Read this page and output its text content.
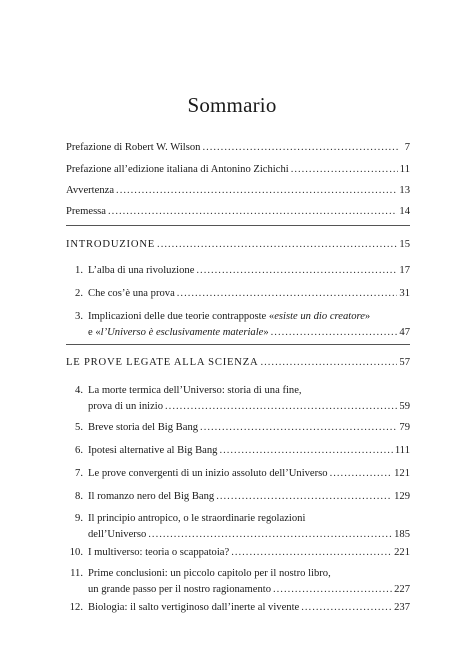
Sommario
Prefazione di Robert W. Wilson .....	7
Prefazione all’edizione italiana di Antonino Zichichi .....	11
Avvertenza .....	13
Premessa .....	14
INTRODUZIONE .....	15
1. L’alba di una rivoluzione .....	17
2. Che cos’è una prova .....	31
3. Implicazioni delle due teorie contrapposte «esiste un dio creatore»
e «l’Universo è esclusivamente materiale» .....	47
LE PROVE LEGATE ALLA SCIENZA .....	57
4. La morte termica dell’Universo: storia di una fine,
prova di un inizio .....	59
5. Breve storia del Big Bang .....	79
6. Ipotesi alternative al Big Bang .....	111
7. Le prove convergenti di un inizio assoluto dell’Universo .....	121
8. Il romanzo nero del Big Bang .....	129
9. Il principio antropico, o le straordinarie regolazioni
dell’Universo .....	185
10. I multiverso: teoria o scappatoia? .....	221
11. Prime conclusioni: un piccolo capitolo per il nostro libro,
un grande passo per il nostro ragionamento .....	227
12. Biologia: il salto vertiginoso dall’inerte al vivente .....	237
